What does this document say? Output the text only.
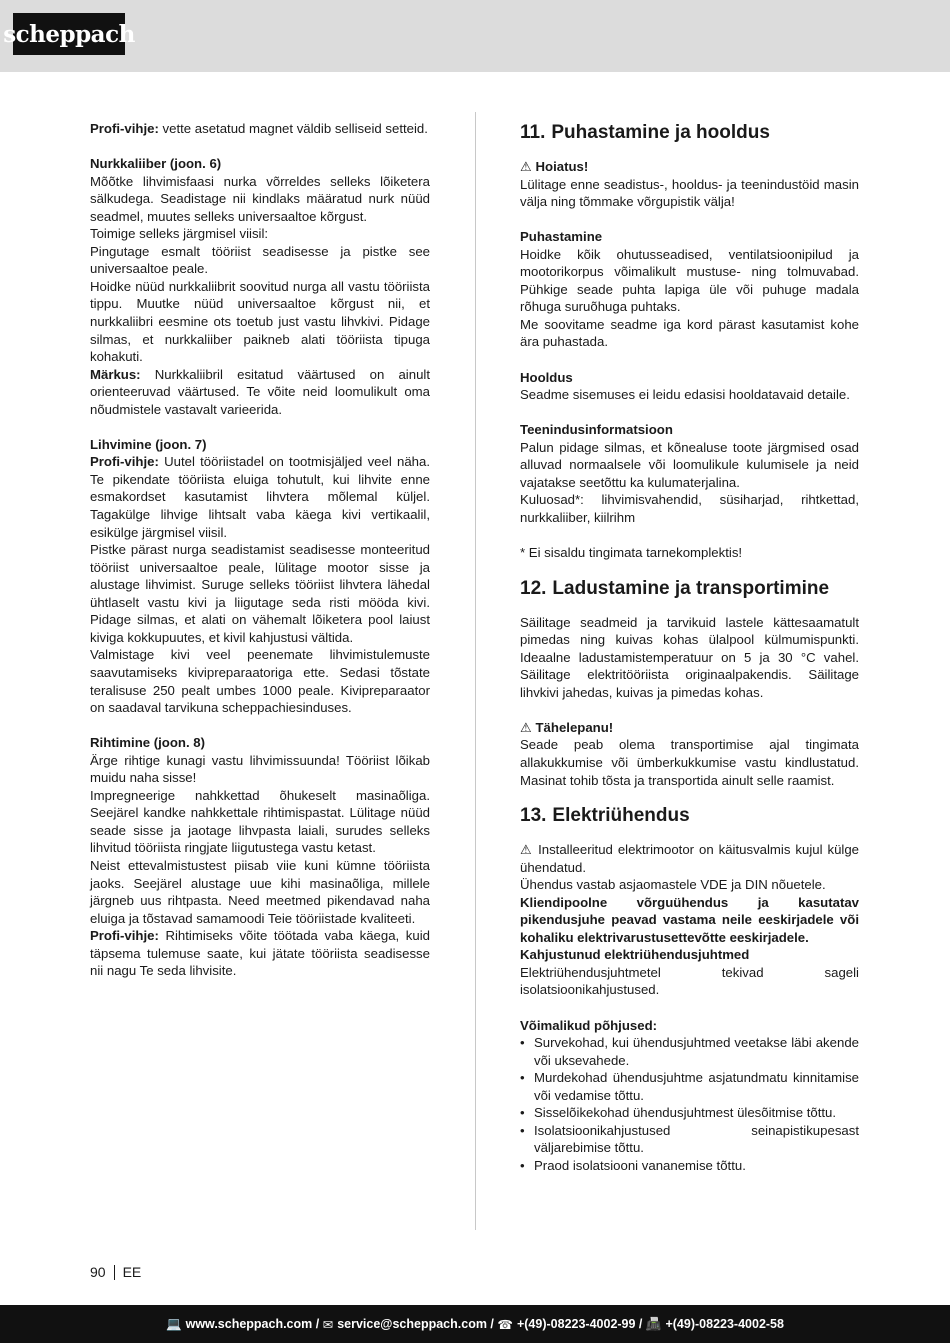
scheppach

Profi-vihje: vette asetatud magnet väldib selliseid setteid.

Nurkkaliiber (joon. 6)

Mõõtke lihvimisfaasi nurka võrreldes selleks lõiketera sälkudega. Seadistage nii kindlaks määratud nurk nüüd seadmel, muutes selleks universaaltoe kõrgust.

Toimige selleks järgmisel viisil:

Pingutage esmalt tööriist seadisesse ja pistke see universaaltoe peale.

Hoidke nüüd nurkkaliibrit soovitud nurga all vastu tööriista tippu. Muutke nüüd universaaltoe kõrgust nii, et nurkkaliibri eesmine ots toetub just vastu lihvkivi. Pidage silmas, et nurkkaliiber paikneb alati tööriista tipuga kohakuti.

Märkus: Nurkkaliibril esitatud väärtused on ainult orienteeruvad väärtused. Te võite neid loomulikult oma nõudmistele vastavalt varieerida.

Lihvimine (joon. 7)

Profi-vihje: Uutel tööriistadel on tootmisjäljed veel näha. Te pikendate tööriista eluiga tohutult, kui lihvite enne esmakordset kasutamist lihvtera mõlemal küljel. Tagakülge lihvige lihtsalt vaba käega kivi vertikaalil, esikülge järgmisel viisil.

Pistke pärast nurga seadistamist seadisesse monteeritud tööriist universaaltoe peale, lülitage mootor sisse ja alustage lihvimist. Suruge selleks tööriist lihvtera lähedal ühtlaselt vastu kivi ja liigutage seda risti mööda kivi. Pidage silmas, et alati on vähemalt lõiketera pool laiust kiviga kokkupuutes, et kivil kahjustusi vältida.

Valmistage kivi veel peenemate lihvimistulemuste saavutamiseks kivipreparaatoriga ette. Sedasi tõstate teralisuse 250 pealt umbes 1000 peale. Kivipreparaator on saadaval tarvikuna scheppachiesinduses.

Rihtimine (joon. 8)

Ärge rihtige kunagi vastu lihvimissuunda! Tööriist lõikab muidu naha sisse!

Impregneerige nahkkettad õhukeselt masinaõliga. Seejärel kandke nahkkettale rihtimispastat. Lülitage nüüd seade sisse ja jaotage lihvpasta laiali, surudes selleks lihvitud tööriista ringjate liigutustega vastu ketast.

Neist ettevalmistustest piisab viie kuni kümne tööriista jaoks. Seejärel alustage uue kihi masinaõliga, millele järgneb uus rihtpasta. Need meetmed pikendavad naha eluiga ja tõstavad samamoodi Teie tööriistade kvaliteeti.

Profi-vihje: Rihtimiseks võite töötada vaba käega, kuid täpsema tulemuse saate, kui jätate tööriista seadisesse nii nagu Te seda lihvisite.

11. Puhastamine ja hooldus

⚠ Hoiatus!

Lülitage enne seadistus-, hooldus- ja teenindustöid masin välja ning tõmmake võrgupistik välja!

Puhastamine

Hoidke kõik ohutusseadised, ventilatsioonipilud ja mootorikorpus võimalikult mustuse- ning tolmuvabad. Pühkige seade puhta lapiga üle või puhuge madala rõhuga suruõhuga puhtaks.

Me soovitame seadme iga kord pärast kasutamist kohe ära puhastada.

Hooldus

Seadme sisemuses ei leidu edasisi hooldatavaid detaile.

Teenindusinformatsioon

Palun pidage silmas, et kõnealuse toote järgmised osad alluvad normaalsele või loomulikule kulumisele ja neid vajatakse seetõttu ka kulumaterjalina.

Kuluosad*: lihvimisvahendid, süsiharjad, rihtkettad, nurkkaliiber, kiilrihm

* Ei sisaldu tingimata tarnekomplektis!

12. Ladustamine ja transportimine

Säilitage seadmeid ja tarvikuid lastele kättesaamatult pimedas ning kuivas kohas ülalpool külmumispunkti. Ideaalne ladustamistemperatuur on 5 ja 30 °C vahel. Säilitage elektritööriista originaalpakendis. Säilitage lihvkivi jahedas, kuivas ja pimedas kohas.

⚠ Tähelepanu!

Seade peab olema transportimise ajal tingimata allakukkumise või ümberkukkumise vastu kindlustatud. Masinat tohib tõsta ja transportida ainult selle raamist.

13. Elektriühendus

⚠ Installeeritud elektrimootor on käitusvalmis kujul külge ühendatud.

Ühendus vastab asjaomastele VDE ja DIN nõuetele.

Kliendipoolne võrguühendus ja kasutatav pikendusjuhe peavad vastama neile eeskirjadele või kohaliku elektrivarustusettevõtte eeskirjadele.

Kahjustunud elektriühendusjuhtmed

Elektriühendusjuhtmetel tekivad sageli isolatsioonikahjustused.

Võimalikud põhjused:

• Survekohad, kui ühendusjuhtmed veetakse läbi akende või uksevahede.
• Murdekohad ühendusjuhtme asjatundmatu kinnitamise või vedamise tõttu.
• Sisselõikekohad ühendusjuhtmest ülesõitmise tõttu.
• Isolatsioonikahjustused seinapistikupesast väljarebimise tõttu.
• Praod isolatsiooni vananemise tõttu.
90 EE
💻 www.scheppach.com /
✉ service@scheppach.com /
☎ +(49)-08223-4002-99 /
📠 +(49)-08223-4002-58
